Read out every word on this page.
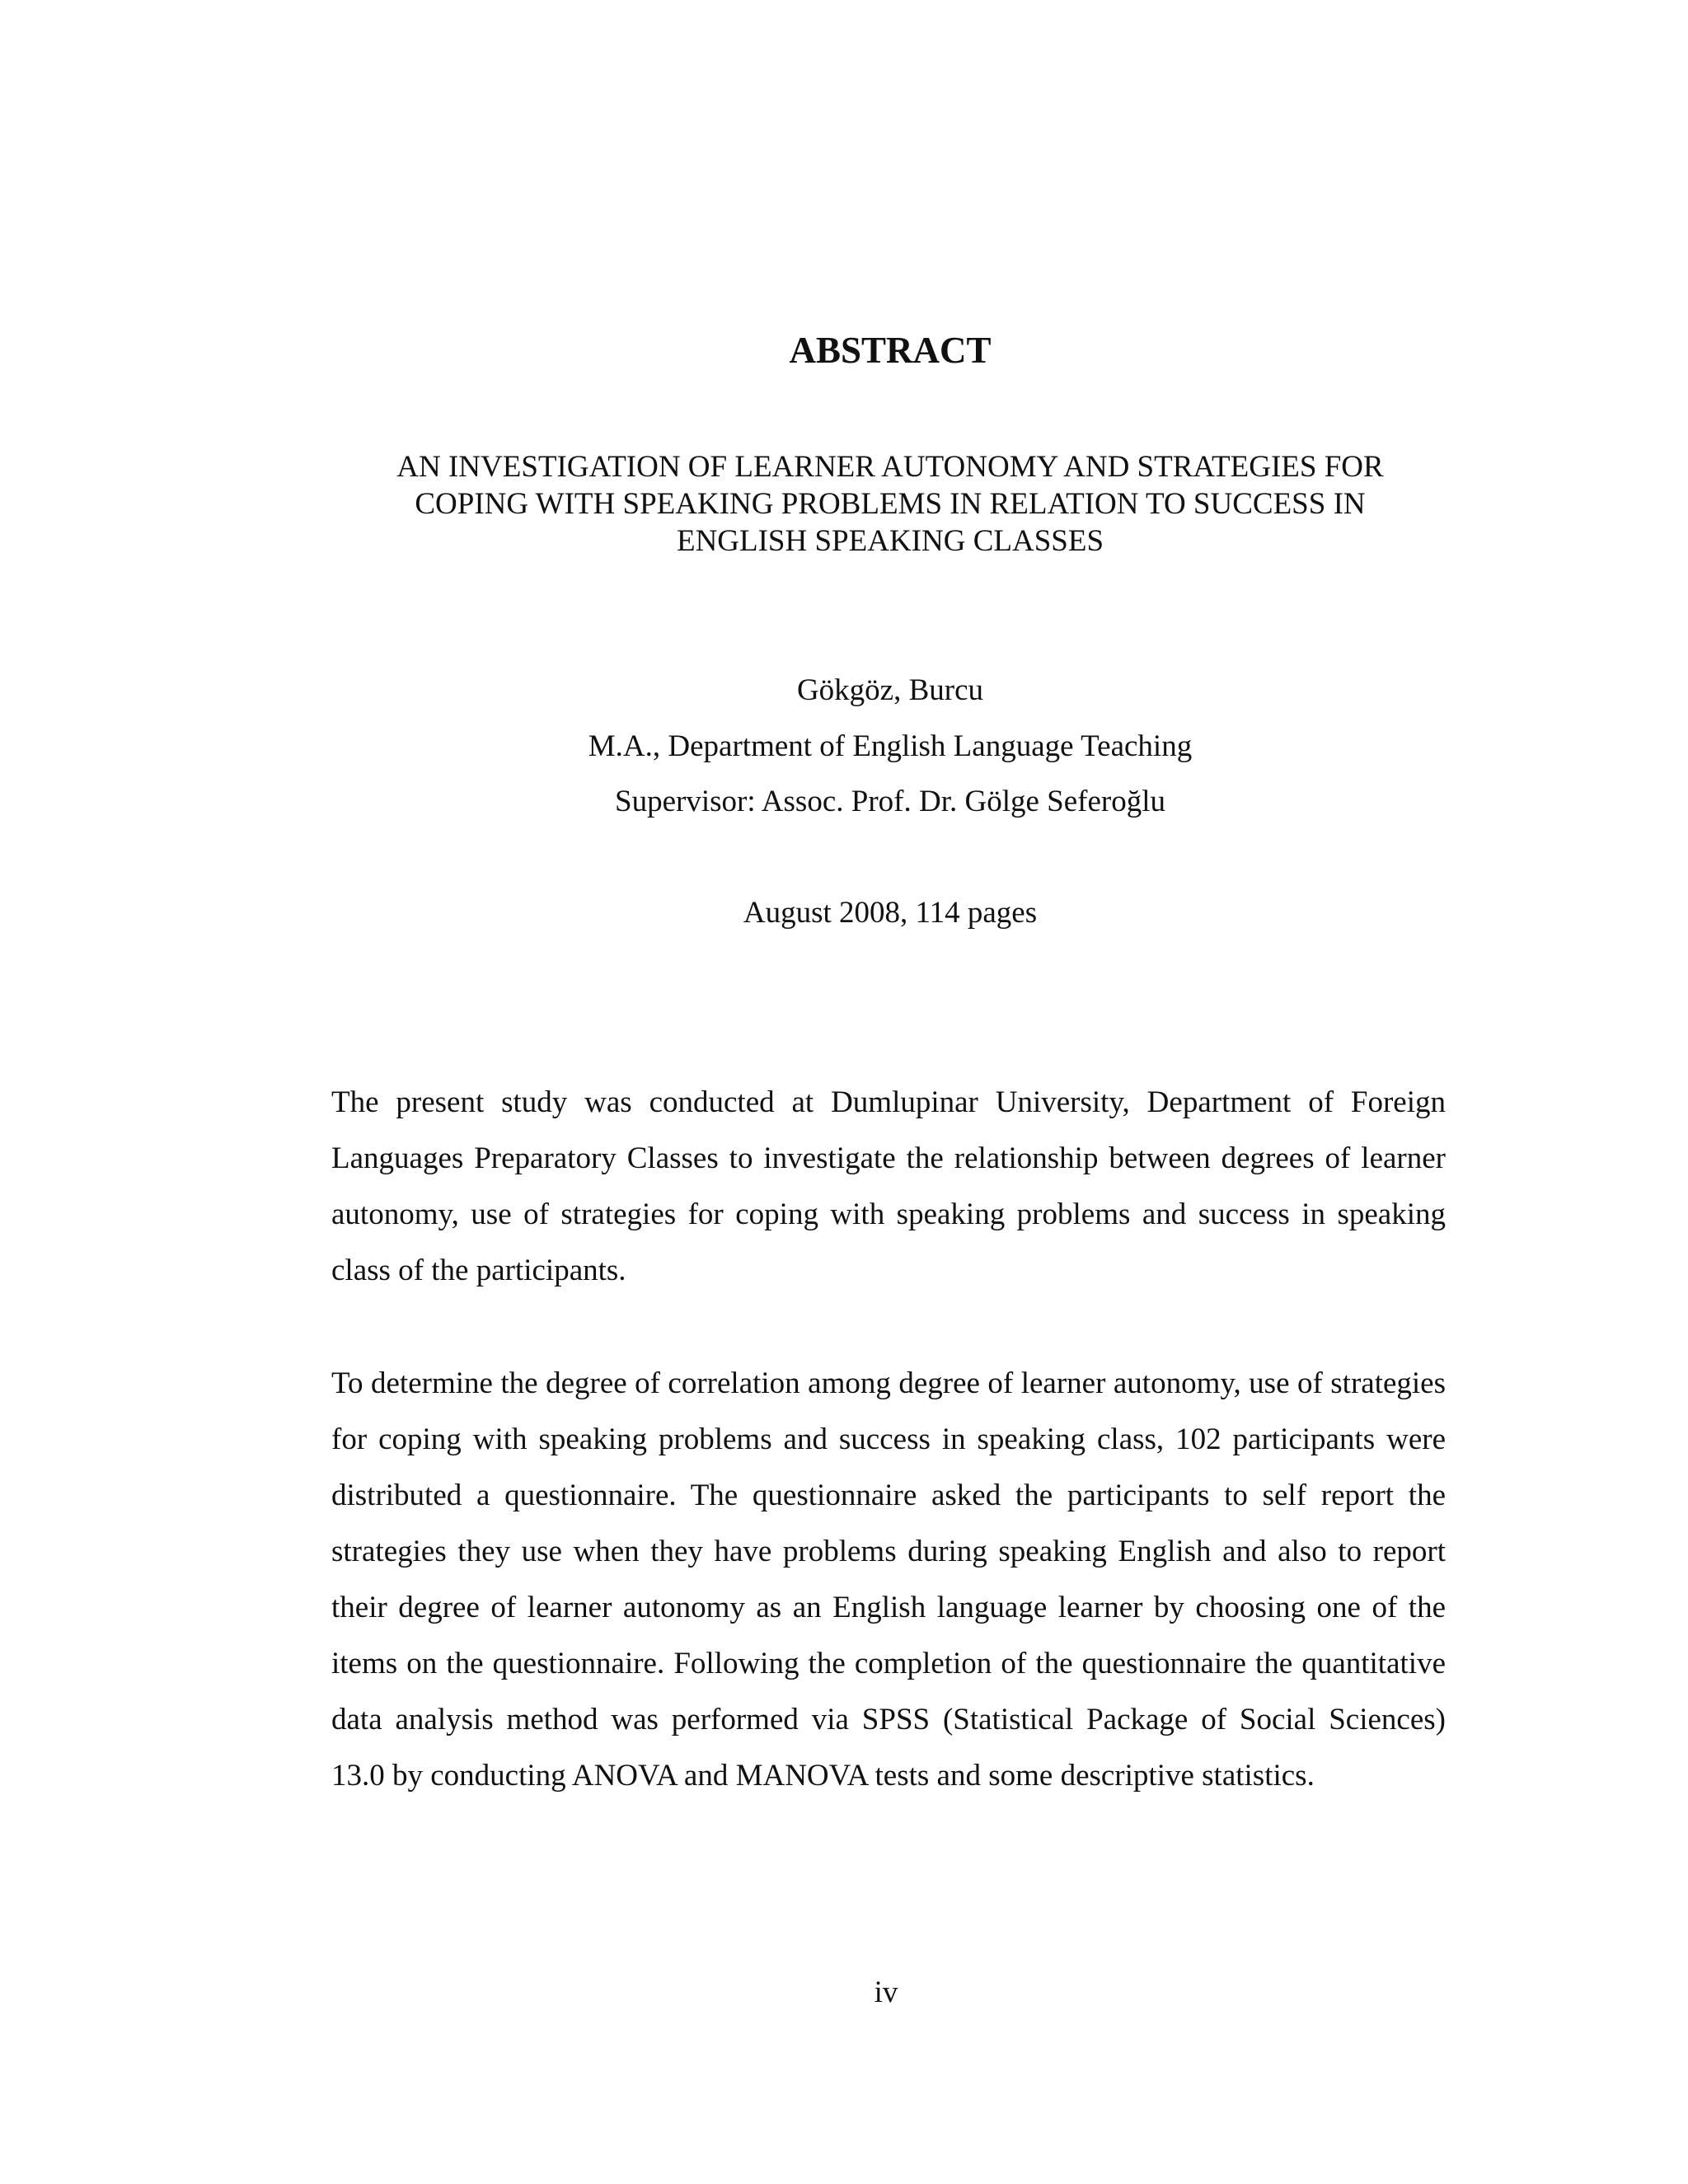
ABSTRACT
AN INVESTIGATION OF LEARNER AUTONOMY AND STRATEGIES FOR
COPING WITH SPEAKING PROBLEMS IN RELATION TO SUCCESS IN
ENGLISH SPEAKING CLASSES

Gökgöz, Burcu

M.A., Department of English Language Teaching

Supervisor: Assoc. Prof. Dr. Gölge Seferoğlu

August 2008, 114 pages

The present study was conducted at Dumlupinar University, Department of Foreign Languages Preparatory Classes to investigate the relationship between degrees of learner autonomy, use of strategies for coping with speaking problems and success in speaking class of the participants.

To determine the degree of correlation among degree of learner autonomy, use of strategies for coping with speaking problems and success in speaking class, 102 participants were distributed a questionnaire. The questionnaire asked the participants to self report the strategies they use when they have problems during speaking English and also to report their degree of learner autonomy as an English language learner by choosing one of the items on the questionnaire. Following the completion of the questionnaire the quantitative data analysis method was performed via SPSS (Statistical Package of Social Sciences) 13.0 by conducting ANOVA and MANOVA tests and some descriptive statistics.

iv
